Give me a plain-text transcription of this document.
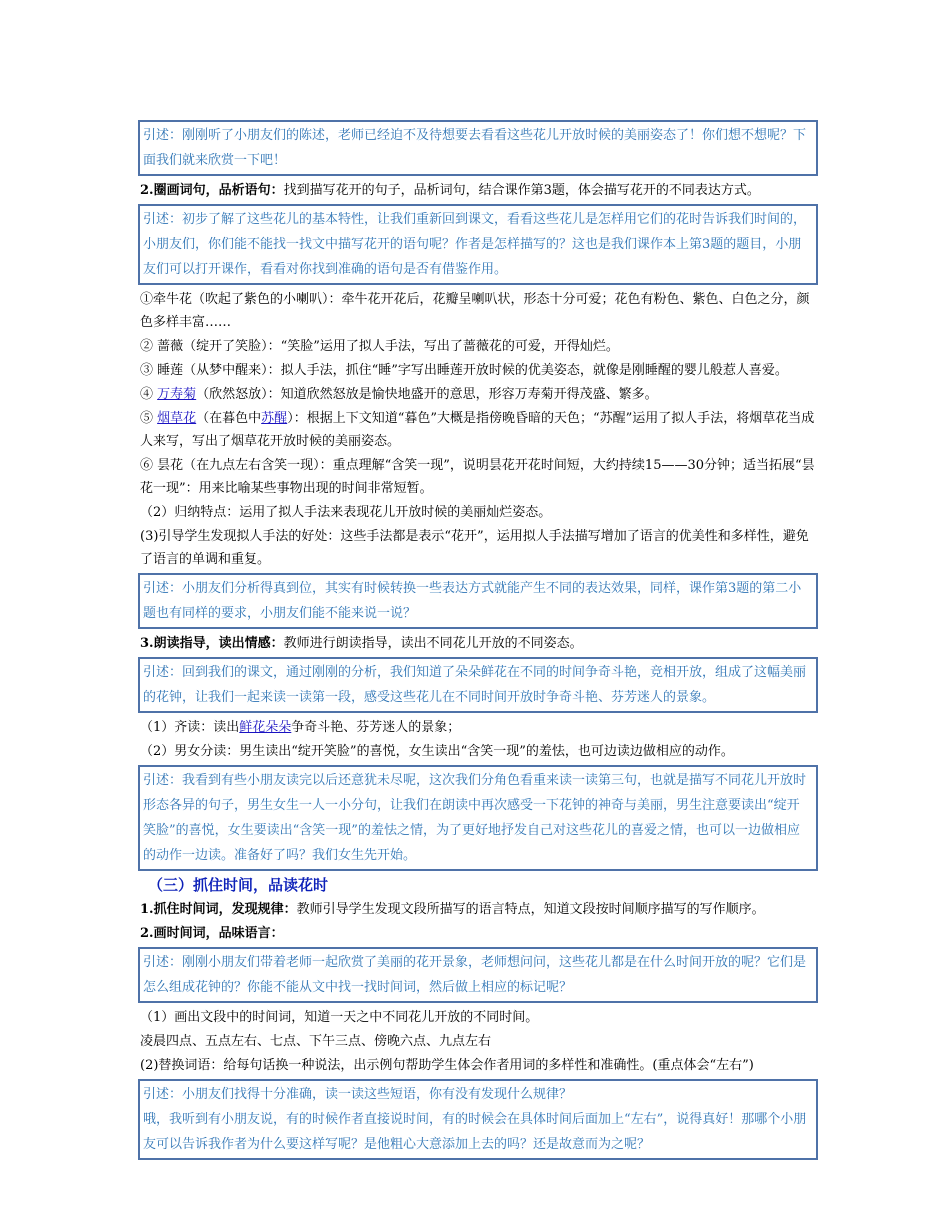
引述：刚刚听了小朋友们的陈述，老师已经迫不及待想要去看看这些花儿开放时候的美丽姿态了！你们想不想呢？下面我们就来欣赏一下吧！

2.圈画词句，品析语句：找到描写花开的句子，品析词句，结合课作第3题，体会描写花开的不同表达方式。

引述：初步了解了这些花儿的基本特性，让我们重新回到课文，看看这些花儿是怎样用它们的花时告诉我们时间的，小朋友们，你们能不能找一找文中描写花开的语句呢？作者是怎样描写的？这也是我们课作本上第3题的题目，小朋友们可以打开课作，看看对你找到准确的语句是否有借鉴作用。

①牵牛花（吹起了紫色的小喇叭）：牵牛花开花后，花瓣呈喇叭状，形态十分可爱；花色有粉色、紫色、白色之分，颜色多样丰富……

② 蔷薇（绽开了笑脸）：“笑脸”运用了拟人手法，写出了蔷薇花的可爱，开得灿烂。

③ 睡莲（从梦中醒来）：拟人手法，抓住“睡”字写出睡莲开放时候的优美姿态，就像是刚睡醒的婴儿般惹人喜爱。

④ 万寿菊（欣然怒放）：知道欣然怒放是愉快地盛开的意思，形容万寿菊开得茂盛、繁多。

⑤ 烟草花（在暮色中苏醒）：根据上下文知道“暮色”大概是指傍晚昏暗的天色；“苏醒”运用了拟人手法，将烟草花当成人来写，写出了烟草花开放时候的美丽姿态。

⑥ 昙花（在九点左右含笑一现）：重点理解“含笑一现”，说明昙花开花时间短，大约持续15——30分钟；适当拓展“昙花一现”：用来比喻某些事物出现的时间非常短暂。

（2）归纳特点：运用了拟人手法来表现花儿开放时候的美丽灿烂姿态。

(3)引导学生发现拟人手法的好处：这些手法都是表示“花开”，运用拟人手法描写增加了语言的优美性和多样性，避免了语言的单调和重复。

引述：小朋友们分析得真到位，其实有时候转换一些表达方式就能产生不同的表达效果，同样，课作第3题的第二小题也有同样的要求，小朋友们能不能来说一说？

3.朗读指导，读出情感：教师进行朗读指导，读出不同花儿开放的不同姿态。

引述：回到我们的课文，通过刚刚的分析，我们知道了朵朵鲜花在不同的时间争奇斗艳，竞相开放，组成了这幅美丽的花钟，让我们一起来读一读第一段，感受这些花儿在不同时间开放时争奇斗艳、芬芳迷人的景象。

（1）齐读：读出鲜花朵朵争奇斗艳、芬芳迷人的景象；

（2）男女分读：男生读出“绽开笑脸”的喜悦，女生读出“含笑一现”的羞怯，也可边读边做相应的动作。

引述：我看到有些小朋友读完以后还意犹未尽呢，这次我们分角色看重来读一读第三句，也就是描写不同花儿开放时形态各异的句子，男生女生一人一小分句，让我们在朗读中再次感受一下花钟的神奇与美丽，男生注意要读出“绽开笑脸”的喜悦，女生要读出“含笑一现”的羞怯之情，为了更好地抒发自己对这些花儿的喜爱之情，也可以一边做相应的动作一边读。准备好了吗？我们女生先开始。
（三）抓住时间，品读花时

1.抓住时间词，发现规律：教师引导学生发现文段所描写的语言特点，知道文段按时间顺序描写的写作顺序。

2.画时间词，品味语言：

引述：刚刚小朋友们带着老师一起欣赏了美丽的花开景象，老师想问问，这些花儿都是在什么时间开放的呢？它们是怎么组成花钟的？你能不能从文中找一找时间词，然后做上相应的标记呢？

（1）画出文段中的时间词，知道一天之中不同花儿开放的不同时间。

凌晨四点、五点左右、七点、下午三点、傍晚六点、九点左右

(2)替换词语：给每句话换一种说法，出示例句帮助学生体会作者用词的多样性和准确性。(重点体会“左右”)

引述：小朋友们找得十分准确，读一读这些短语，你有没有发现什么规律？
哦，我听到有小朋友说，有的时候作者直接说时间，有的时候会在具体时间后面加上“左右”，说得真好！那哪个小朋友可以告诉我作者为什么要这样写呢？是他粗心大意添加上去的吗？还是故意而为之呢？
